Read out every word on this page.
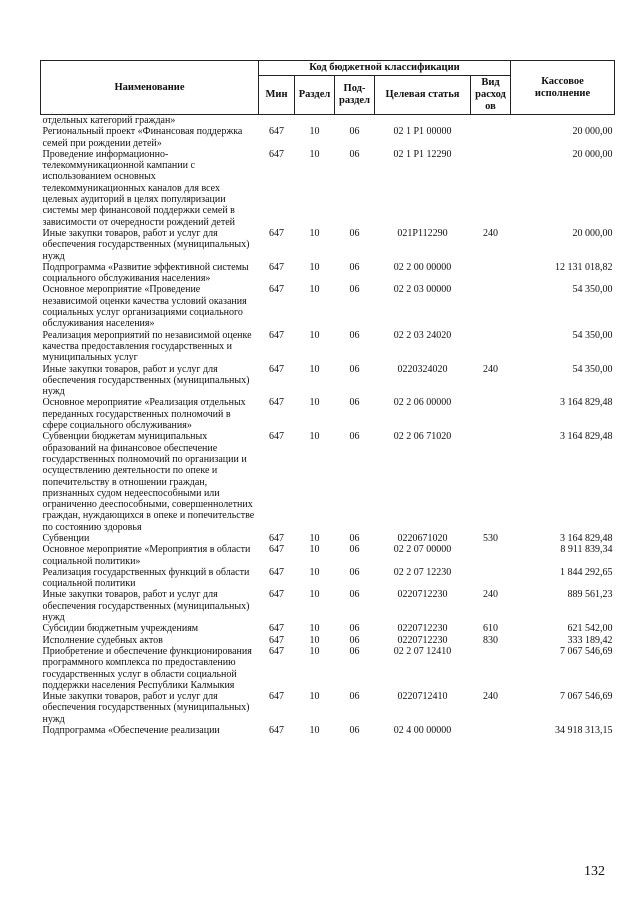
Наименование	Код бюджетной классификации					Кассовое исполнение
	Мин	Раздел	Под-раздел	Целевая статья	Вид расход ов	
отдельных категорий граждан»						
Региональный проект «Финансовая поддержка семей при рождении детей»	647	10	06	02 1 P1 00000		20 000,00
Проведение информационно-телекоммуникационной кампании с использованием основных телекоммуникационных каналов для всех целевых аудиторий в целях популяризации системы мер финансовой поддержки семей в зависимости от очередности рождений детей	647	10	06	02 1 P1 12290		20 000,00
Иные закупки товаров, работ и услуг для обеспечения государственных (муниципальных) нужд	647	10	06	021P112290	240	20 000,00
Подпрограмма «Развитие эффективной системы социального обслуживания населения»	647	10	06	02 2 00 00000		12 131 018,82
Основное мероприятие «Проведение независимой оценки качества условий оказания социальных услуг организациями социального обслуживания населения»	647	10	06	02 2 03 00000		54 350,00
Реализация мероприятий по независимой оценке качества предоставления государственных и муниципальных услуг	647	10	06	02 2 03 24020		54 350,00
Иные закупки товаров, работ и услуг для обеспечения государственных (муниципальных) нужд	647	10	06	0220324020	240	54 350,00
Основное мероприятие «Реализация отдельных переданных государственных полномочий в сфере социального обслуживания»	647	10	06	02 2 06 00000		3 164 829,48
Субвенции бюджетам муниципальных образований на финансовое обеспечение государственных полномочий по организации и осуществлению деятельности по опеке и попечительству в отношении граждан, признанных судом недееспособными или ограниченно дееспособными, совершеннолетних граждан, нуждающихся в опеке и попечительстве по состоянию здоровья	647	10	06	02 2 06 71020		3 164 829,48
Субвенции	647	10	06	0220671020	530	3 164 829,48
Основное мероприятие «Мероприятия в области социальной политики»	647	10	06	02 2 07 00000		8 911 839,34
Реализация государственных функций в области социальной политики	647	10	06	02 2 07 12230		1 844 292,65
Иные закупки товаров, работ и услуг для обеспечения государственных (муниципальных) нужд	647	10	06	0220712230	240	889 561,23
Субсидии бюджетным учреждениям	647	10	06	0220712230	610	621 542,00
Исполнение судебных актов	647	10	06	0220712230	830	333 189,42
Приобретение и обеспечение функционирования программного комплекса по предоставлению государственных услуг в области социальной поддержки населения Республики Калмыкия	647	10	06	02 2 07 12410		7 067 546,69
Иные закупки товаров, работ и услуг для обеспечения государственных (муниципальных) нужд	647	10	06	0220712410	240	7 067 546,69
Подпрограмма «Обеспечение реализации	647	10	06	02 4 00 00000		34 918 313,15
132
